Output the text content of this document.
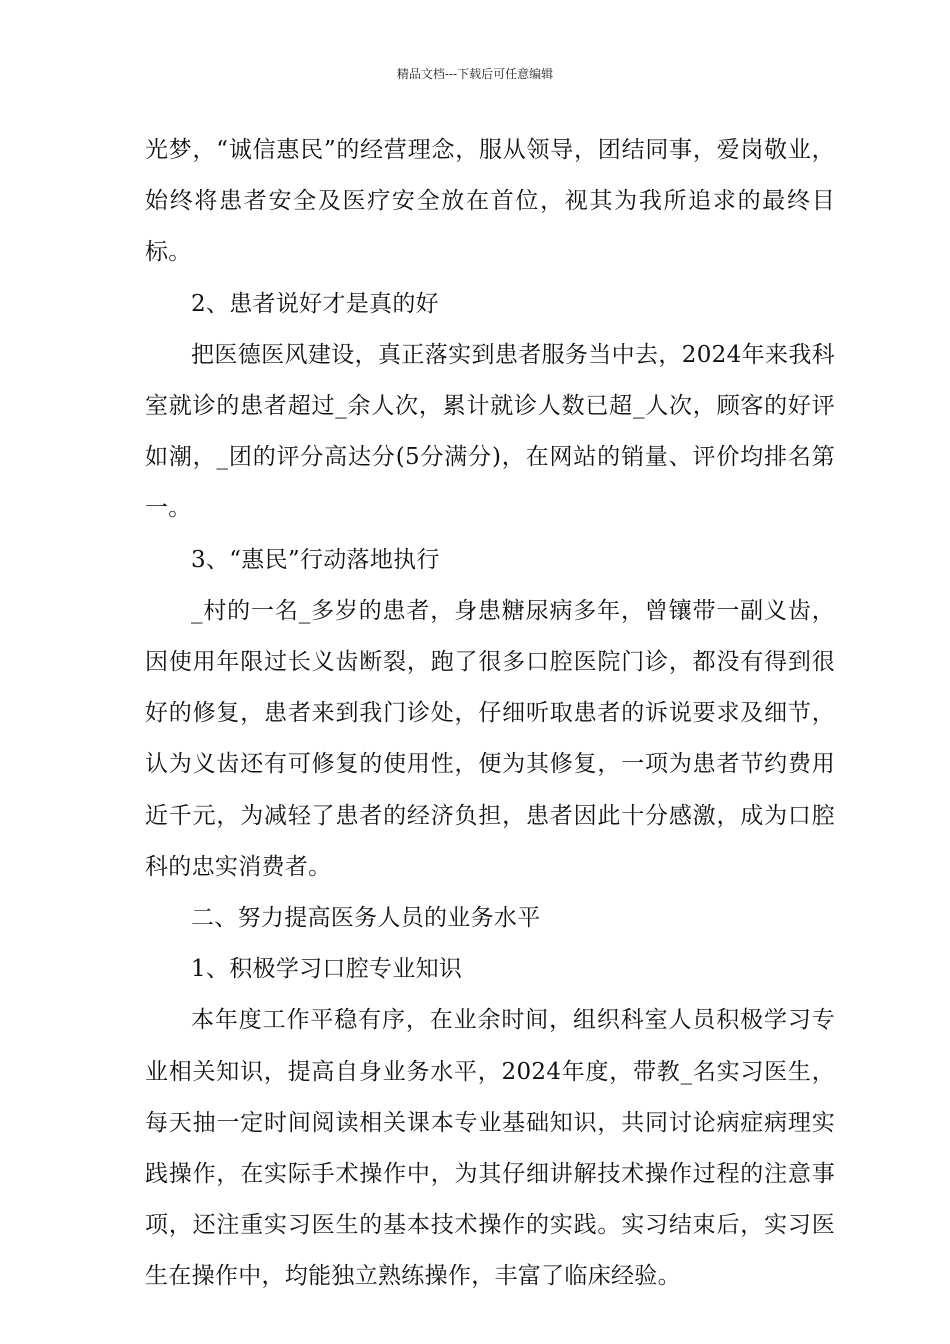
精品文档---下载后可任意编辑

光梦，“诚信惠民”的经营理念，服从领导，团结同事，爱岗敬业，始终将患者安全及医疗安全放在首位，视其为我所追求的最终目标。

2、患者说好才是真的好

把医德医风建设，真正落实到患者服务当中去，2024年来我科室就诊的患者超过_余人次，累计就诊人数已超_人次，顾客的好评如潮，_团的评分高达分(5分满分)，在网站的销量、评价均排名第一。

3、“惠民”行动落地执行

_村的一名_多岁的患者，身患糖尿病多年，曾镶带一副义齿，因使用年限过长义齿断裂，跑了很多口腔医院门诊，都没有得到很好的修复，患者来到我门诊处，仔细听取患者的诉说要求及细节，认为义齿还有可修复的使用性，便为其修复，一项为患者节约费用近千元，为减轻了患者的经济负担，患者因此十分感激，成为口腔科的忠实消费者。

二、努力提高医务人员的业务水平

1、积极学习口腔专业知识

本年度工作平稳有序，在业余时间，组织科室人员积极学习专业相关知识，提高自身业务水平，2024年度，带教_名实习医生，每天抽一定时间阅读相关课本专业基础知识，共同讨论病症病理实践操作，在实际手术操作中，为其仔细讲解技术操作过程的注意事项，还注重实习医生的基本技术操作的实践。实习结束后，实习医生在操作中，均能独立熟练操作，丰富了临床经验。
